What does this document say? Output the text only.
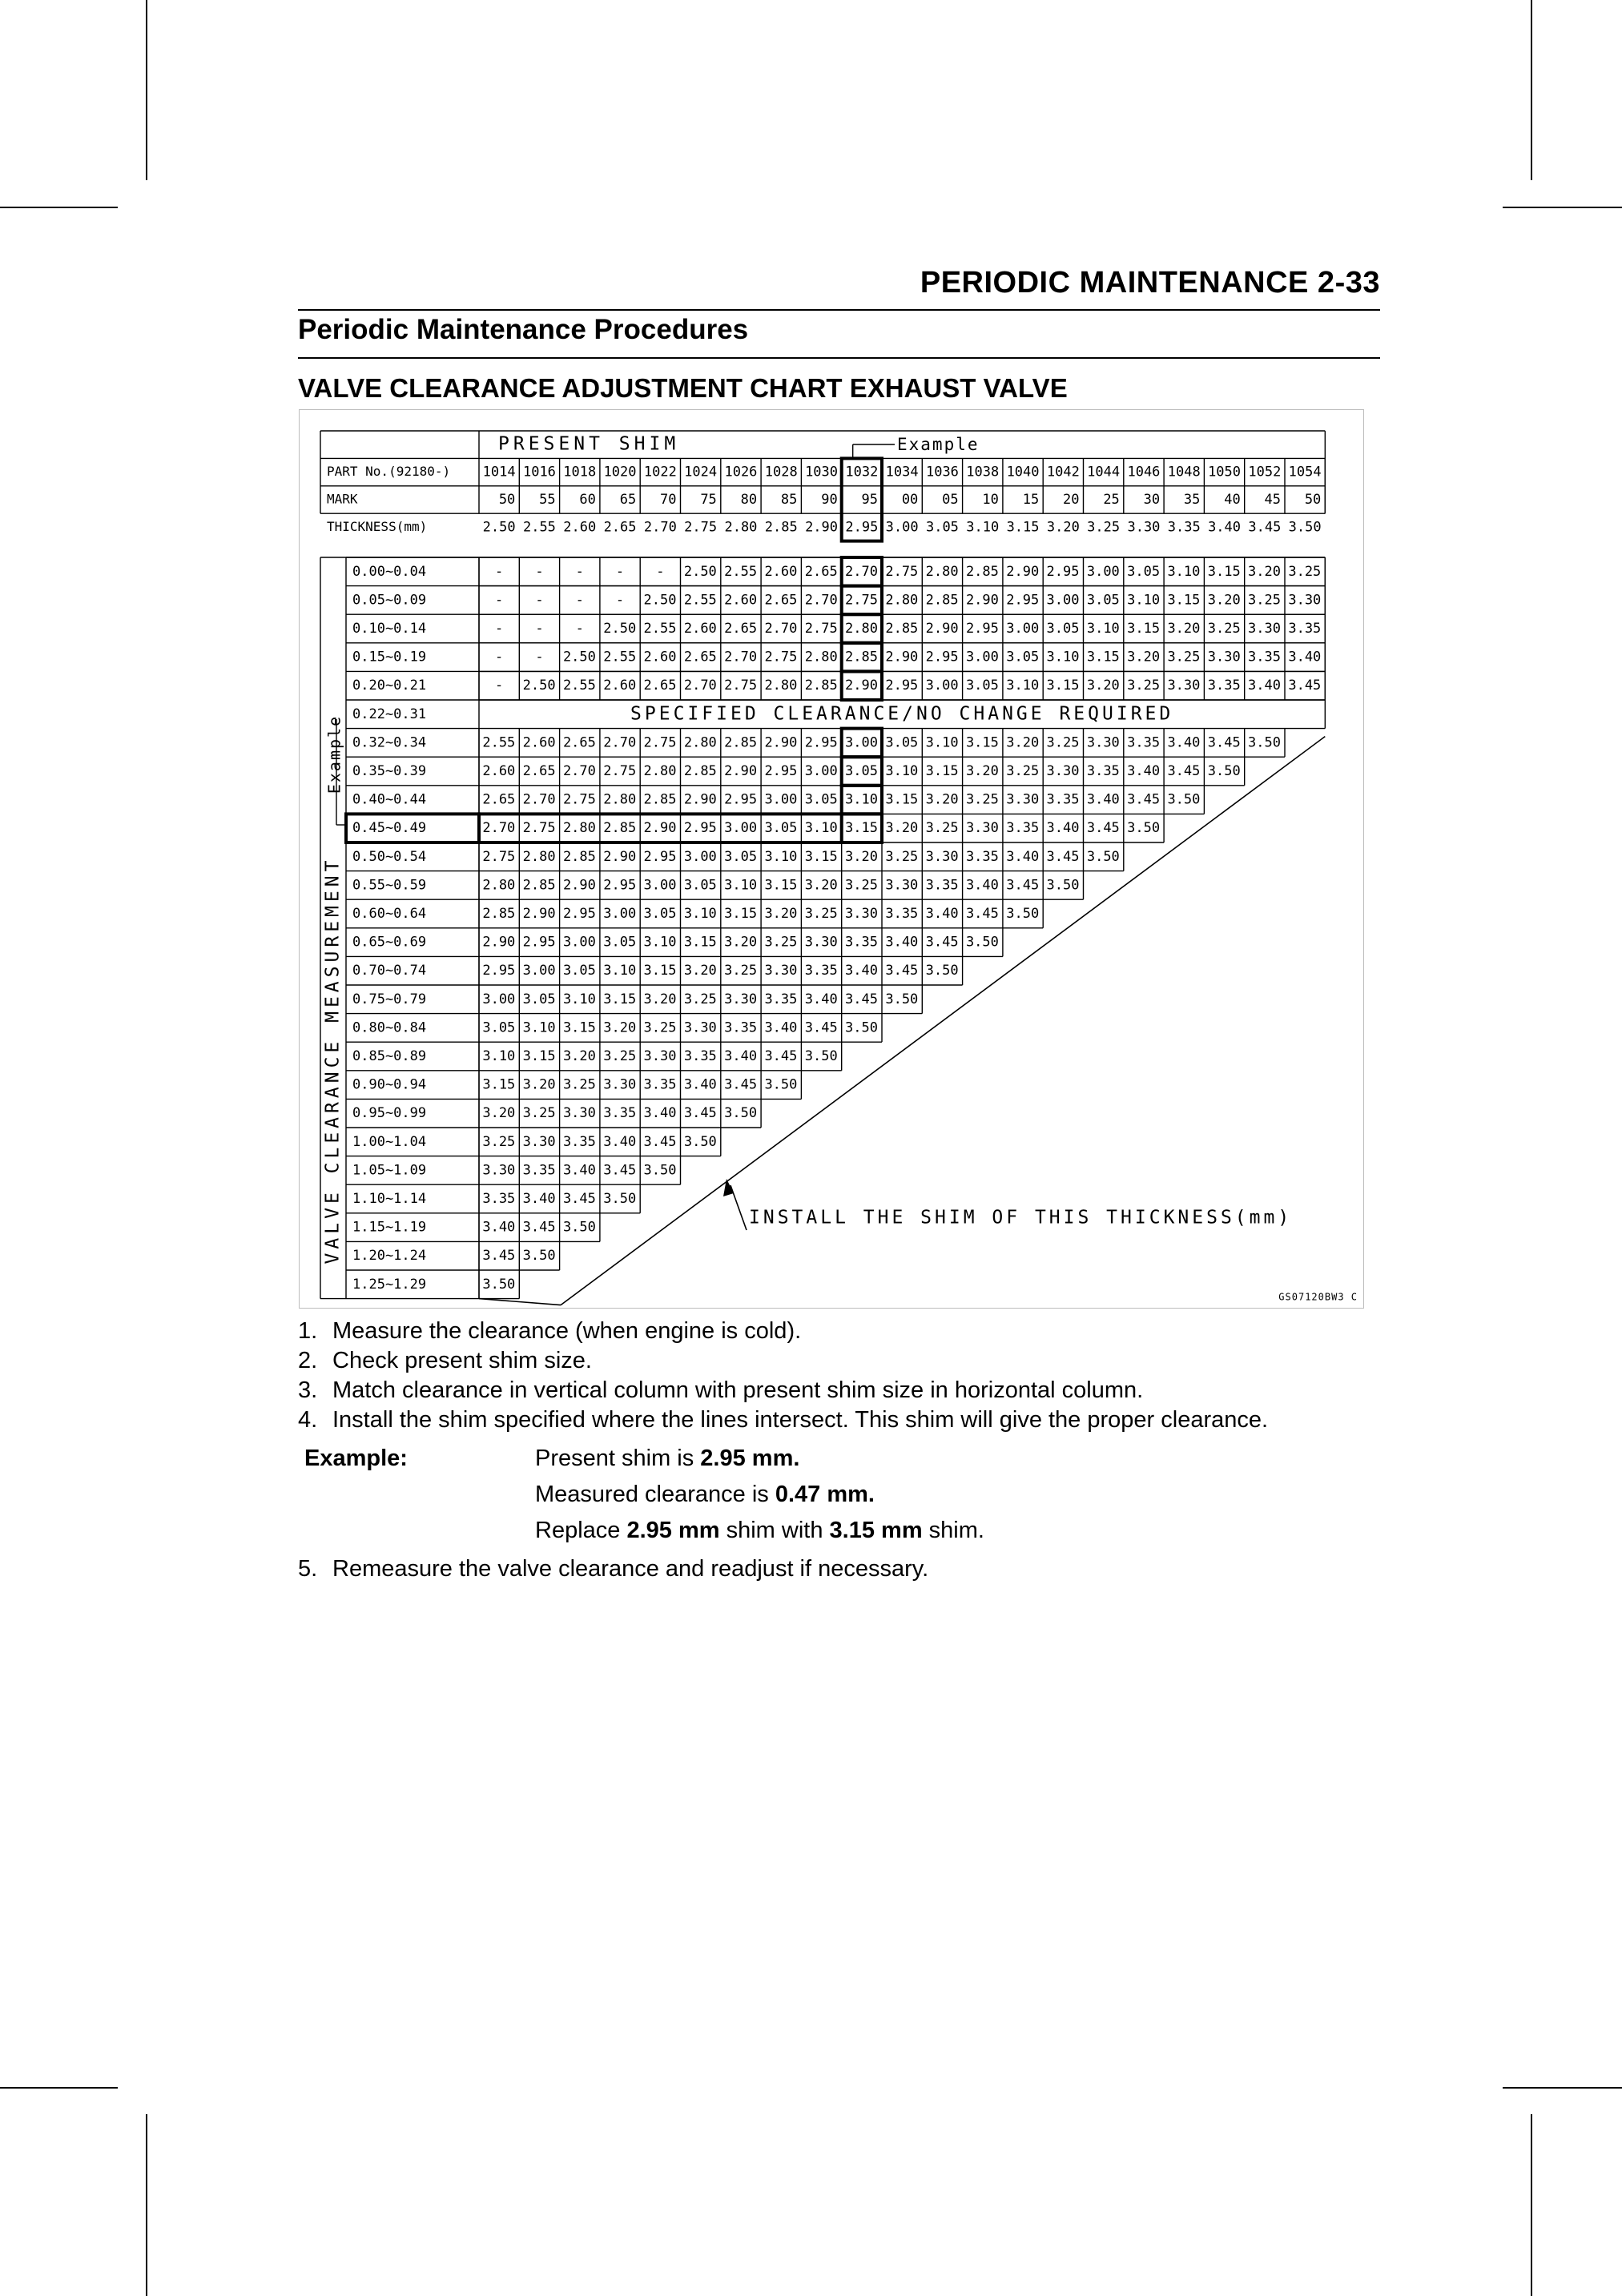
PERIODIC MAINTENANCE 2-33
Periodic Maintenance Procedures
VALVE CLEARANCE ADJUSTMENT CHART EXHAUST VALVE
PRESENT SHIM	Example
PART No.(92180-) 1014 1016 1018 1020 1022 1024 1026 1028 1030 1032 1034 1036 1038 1040 1042 1044 1046 1048 1050 1052 1054
MARK	50 55 60 65 70 75 80 85 90 95 00 05 10 15 20 25 30 35 40 45 50
THICKNESS(mm)	2.50 2.55 2.60 2.65 2.70 2.75 2.80 2.85 2.90 2.95 3.00 3.05 3.10 3.15 3.20 3.25 3.30 3.35 3.40 3.45 3.50
0.00~0.04	- - - - - 2.50 2.55 2.60 2.65 2.70 2.75 2.80 2.85 2.90 2.95 3.00 3.05 3.10 3.15 3.20 3.25
0.05~0.09	- - - - 2.50 2.55 2.60 2.65 2.70 2.75 2.80 2.85 2.90 2.95 3.00 3.05 3.10 3.15 3.20 3.25 3.30
0.10~0.14	- - - 2.50 2.55 2.60 2.65 2.70 2.75 2.80 2.85 2.90 2.95 3.00 3.05 3.10 3.15 3.20 3.25 3.30 3.35
0.15~0.19	- - 2.50 2.55 2.60 2.65 2.70 2.75 2.80 2.85 2.90 2.95 3.00 3.05 3.10 3.15 3.20 3.25 3.30 3.35 3.40
0.20~0.21	- 2.50 2.55 2.60 2.65 2.70 2.75 2.80 2.85 2.90 2.95 3.00 3.05 3.10 3.15 3.20 3.25 3.30 3.35 3.40 3.45
0.22~0.31	SPECIFIED CLEARANCE/NO CHANGE REQUIRED
0.32~0.34	2.55 2.60 2.65 2.70 2.75 2.80 2.85 2.90 2.95 3.00 3.05 3.10 3.15 3.20 3.25 3.30 3.35 3.40 3.45 3.50
0.35~0.39	2.60 2.65 2.70 2.75 2.80 2.85 2.90 2.95 3.00 3.05 3.10 3.15 3.20 3.25 3.30 3.35 3.40 3.45 3.50
0.40~0.44	2.65 2.70 2.75 2.80 2.85 2.90 2.95 3.00 3.05 3.10 3.15 3.20 3.25 3.30 3.35 3.40 3.45 3.50
0.45~0.49	2.70 2.75 2.80 2.85 2.90 2.95 3.00 3.05 3.10 3.15 3.20 3.25 3.30 3.35 3.40 3.45 3.50
0.50~0.54	2.75 2.80 2.85 2.90 2.95 3.00 3.05 3.10 3.15 3.20 3.25 3.30 3.35 3.40 3.45 3.50
0.55~0.59	2.80 2.85 2.90 2.95 3.00 3.05 3.10 3.15 3.20 3.25 3.30 3.35 3.40 3.45 3.50
0.60~0.64	2.85 2.90 2.95 3.00 3.05 3.10 3.15 3.20 3.25 3.30 3.35 3.40 3.45 3.50
0.65~0.69	2.90 2.95 3.00 3.05 3.10 3.15 3.20 3.25 3.30 3.35 3.40 3.45 3.50
0.70~0.74	2.95 3.00 3.05 3.10 3.15 3.20 3.25 3.30 3.35 3.40 3.45 3.50
0.75~0.79	3.00 3.05 3.10 3.15 3.20 3.25 3.30 3.35 3.40 3.45 3.50
0.80~0.84	3.05 3.10 3.15 3.20 3.25 3.30 3.35 3.40 3.45 3.50
0.85~0.89	3.10 3.15 3.20 3.25 3.30 3.35 3.40 3.45 3.50
0.90~0.94	3.15 3.20 3.25 3.30 3.35 3.40 3.45 3.50
0.95~0.99	3.20 3.25 3.30 3.35 3.40 3.45 3.50
1.00~1.04	3.25 3.30 3.35 3.40 3.45 3.50
1.05~1.09	3.30 3.35 3.40 3.45 3.50
1.10~1.14	3.35 3.40 3.45 3.50
1.15~1.19	3.40 3.45 3.50
1.20~1.24	3.45 3.50
1.25~1.29	3.50
Example
VALVE CLEARANCE MEASUREMENT	INSTALL THE SHIM OF THIS THICKNESS(mm)
GS07120BW3 C
1. Measure the clearance (when engine is cold).
2. Check present shim size.
3. Match clearance in vertical column with present shim size in horizontal column.
4. Install the shim specified where the lines intersect. This shim will give the proper clearance.
Example:	Present shim is 2.95 mm.
Measured clearance is 0.47 mm.
Replace 2.95 mm shim with 3.15 mm shim.
5. Remeasure the valve clearance and readjust if necessary.
